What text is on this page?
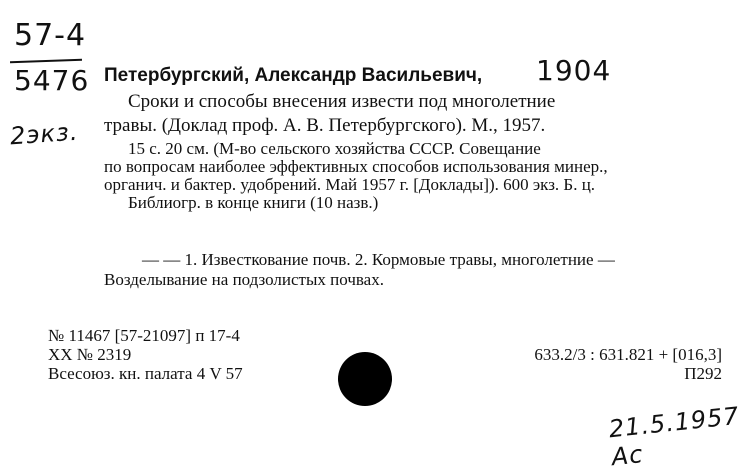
57-4
5476
2экз.
Петербургский, Александр Васильевич, 1904
Сроки и способы внесения извести под многолетние
травы. (Доклад проф. А. В. Петербургского). М., 1957.
15 с. 20 см. (М-во сельского хозяйства СССР. Совещание
по вопросам наиболее эффективных способов использования минер.,
органич. и бактер. удобрений. Май 1957 г. [Доклады]). 600 экз. Б. ц.
Библиогр. в конце книги (10 назв.)
— — 1. Известкование почв. 2. Кормовые травы, многолетние —
Возделывание на подзолистых почвах.
№ 11467 [57-21097] п 17-4
XX № 2319
Всесоюз. кн. палата 4 V 57
633.2/3 : 631.821 + [016,3]
П292
21.5.1957 Ac
